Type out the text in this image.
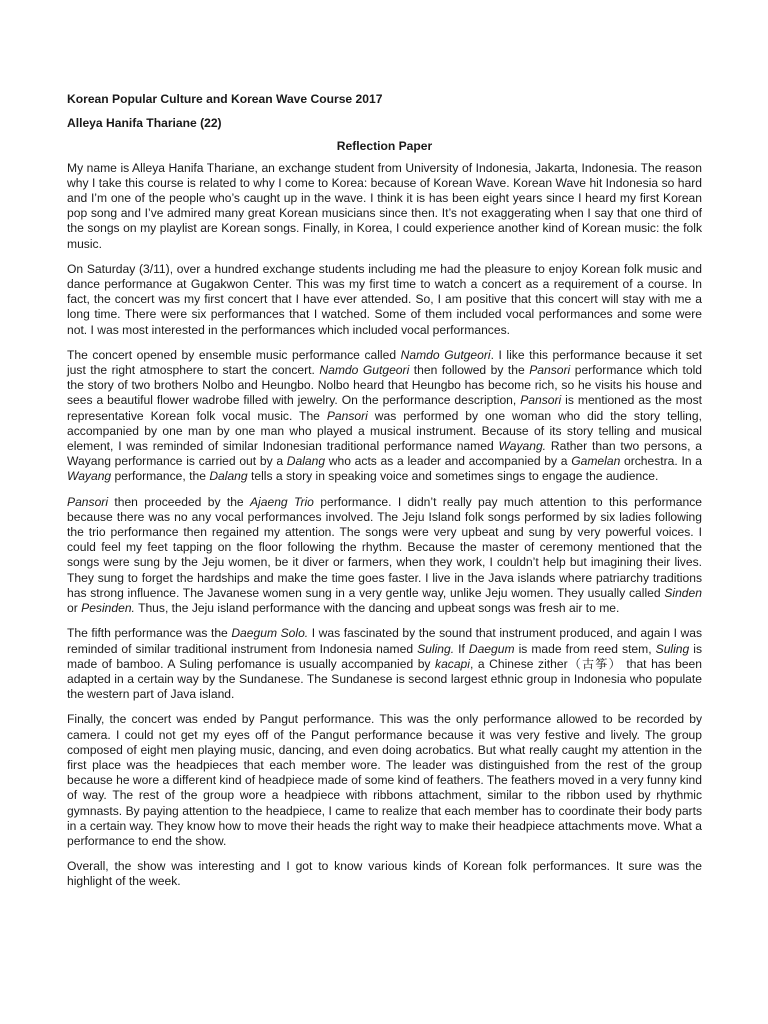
Korean Popular Culture and Korean Wave Course 2017

Alleya Hanifa Thariane (22)

Reflection Paper

My name is Alleya Hanifa Thariane, an exchange student from University of Indonesia, Jakarta, Indonesia. The reason why I take this course is related to why I come to Korea: because of Korean Wave. Korean Wave hit Indonesia so hard and I’m one of the people who’s caught up in the wave. I think it is has been eight years since I heard my first Korean pop song and I’ve admired many great Korean musicians since then. It’s not exaggerating when I say that one third of the songs on my playlist are Korean songs. Finally, in Korea, I could experience another kind of Korean music: the folk music.

On Saturday (3/11), over a hundred exchange students including me had the pleasure to enjoy Korean folk music and dance performance at Gugakwon Center. This was my first time to watch a concert as a requirement of a course. In fact, the concert was my first concert that I have ever attended. So, I am positive that this concert will stay with me a long time. There were six performances that I watched. Some of them included vocal performances and some were not. I was most interested in the performances which included vocal performances.

The concert opened by ensemble music performance called Namdo Gutgeori. I like this performance because it set just the right atmosphere to start the concert. Namdo Gutgeori then followed by the Pansori performance which told the story of two brothers Nolbo and Heungbo. Nolbo heard that Heungbo has become rich, so he visits his house and sees a beautiful flower wadrobe filled with jewelry. On the performance description, Pansori is mentioned as the most representative Korean folk vocal music. The Pansori was performed by one woman who did the story telling, accompanied by one man by one man who played a musical instrument. Because of its story telling and musical element, I was reminded of similar Indonesian traditional performance named Wayang. Rather than two persons, a Wayang performance is carried out by a Dalang who acts as a leader and accompanied by a Gamelan orchestra. In a Wayang performance, the Dalang tells a story in speaking voice and sometimes sings to engage the audience.

Pansori then proceeded by the Ajaeng Trio performance. I didn’t really pay much attention to this performance because there was no any vocal performances involved. The Jeju Island folk songs performed by six ladies following the trio performance then regained my attention. The songs were very upbeat and sung by very powerful voices. I could feel my feet tapping on the floor following the rhythm. Because the master of ceremony mentioned that the songs were sung by the Jeju women, be it diver or farmers, when they work, I couldn’t help but imagining their lives. They sung to forget the hardships and make the time goes faster. I live in the Java islands where patriarchy traditions has strong influence. The Javanese women sung in a very gentle way, unlike Jeju women. They usually called Sinden or Pesinden. Thus, the Jeju island performance with the dancing and upbeat songs was fresh air to me.

The fifth performance was the Daegum Solo. I was fascinated by the sound that instrument produced, and again I was reminded of similar traditional instrument from Indonesia named Suling. If Daegum is made from reed stem, Suling is made of bamboo. A Suling perfomance is usually accompanied by kacapi, a Chinese zither（古筝） that has been adapted in a certain way by the Sundanese. The Sundanese is second largest ethnic group in Indonesia who populate the western part of Java island.

Finally, the concert was ended by Pangut performance. This was the only performance allowed to be recorded by camera. I could not get my eyes off of the Pangut performance because it was very festive and lively. The group composed of eight men playing music, dancing, and even doing acrobatics. But what really caught my attention in the first place was the headpieces that each member wore. The leader was distinguished from the rest of the group because he wore a different kind of headpiece made of some kind of feathers. The feathers moved in a very funny kind of way. The rest of the group wore a headpiece with ribbons attachment, similar to the ribbon used by rhythmic gymnasts. By paying attention to the headpiece, I came to realize that each member has to coordinate their body parts in a certain way. They know how to move their heads the right way to make their headpiece attachments move. What a performance to end the show.

Overall, the show was interesting and I got to know various kinds of Korean folk performances. It sure was the highlight of the week.
